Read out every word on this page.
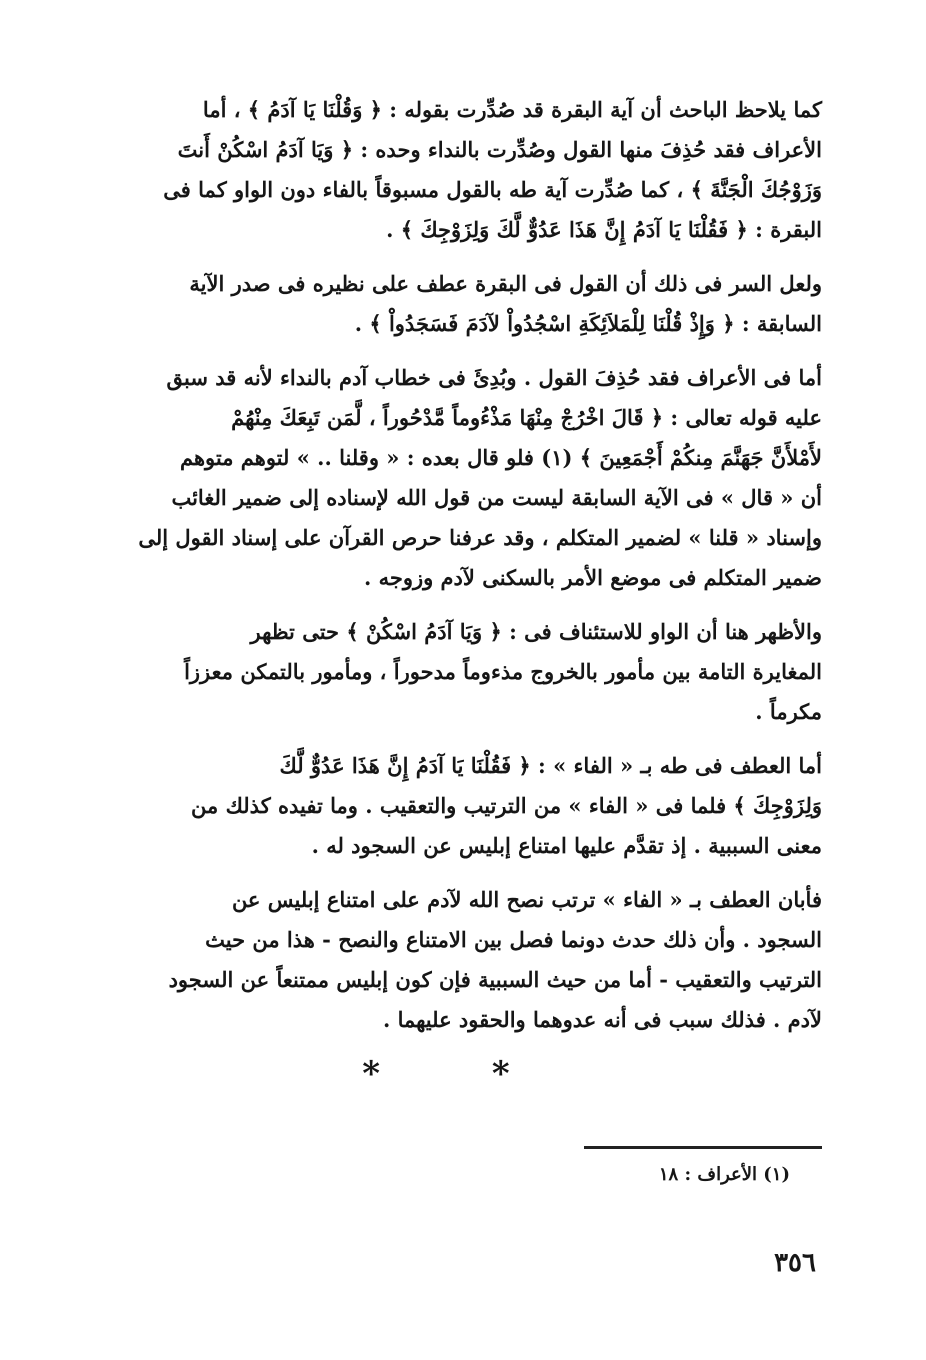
كما يلاحظ الباحث أن آية البقرة قد صُدِّرت بقوله : ﴿ وَقُلْنَا يَا آدَمُ ﴾ ، أما
الأعراف فقد حُذِفَ منها القول وصُدِّرت بالنداء وحده : ﴿ وَيَا آدَمُ اسْكُنْ أَنتَ
وَزَوْجُكَ الْجَنَّةَ ﴾ ، كما صُدِّرت آية طه بالقول مسبوقاً بالفاء دون الواو كما فى
البقرة : ﴿ فَقُلْنَا يَا آدَمُ إِنَّ هَذَا عَدُوٌّ لَّكَ وَلِزَوْجِكَ ﴾ .

ولعل السر فى ذلك أن القول فى البقرة عطف على نظيره فى صدر الآية
السابقة : ﴿ وَإِذْ قُلْنَا لِلْمَلاَئِكَةِ اسْجُدُواْ لآدَمَ فَسَجَدُواْ ﴾ .

أما فى الأعراف فقد حُذِفَ القول . وبُدِئَ فى خطاب آدم بالنداء لأنه قد سبق
عليه قوله تعالى : ﴿ قَالَ اخْرُجْ مِنْهَا مَذْءُوماً مَّدْحُوراً ، لَّمَن تَبِعَكَ مِنْهُمْ
لأَمْلأَنَّ جَهَنَّمَ مِنكُمْ أَجْمَعِينَ ﴾ (١) فلو قال بعده : « وقلنا .. » لتوهم متوهم
أن « قال » فى الآية السابقة ليست من قول الله لإسناده إلى ضمير الغائب
وإسناد « قلنا » لضمير المتكلم ، وقد عرفنا حرص القرآن على إسناد القول إلى
ضمير المتكلم فى موضع الأمر بالسكنى لآدم وزوجه .

والأظهر هنا أن الواو للاستئناف فى : ﴿ وَيَا آدَمُ اسْكُنْ ﴾ حتى تظهر
المغايرة التامة بين مأمور بالخروج مذءوماً مدحوراً ، ومأمور بالتمكن معززاً
مكرماً .

أما العطف فى طه بـ « الفاء » : ﴿ فَقُلْنَا يَا آدَمُ إِنَّ هَذَا عَدُوٌّ لَّكَ
وَلِزَوْجِكَ ﴾ فلما فى « الفاء » من الترتيب والتعقيب . وما تفيده كذلك من
معنى السببية . إذ تقدَّم عليها امتناع إبليس عن السجود له .

فأبان العطف بـ « الفاء » ترتب نصح الله لآدم على امتناع إبليس عن
السجود . وأن ذلك حدث دونما فصل بين الامتناع والنصح - هذا من حيث
الترتيب والتعقيب - أما من حيث السببية فإن كون إبليس ممتنعاً عن السجود
لآدم . فذلك سبب فى أنه عدوهما والحقود عليهما .

* *
(١) الأعراف : ١٨
٣٥٦
